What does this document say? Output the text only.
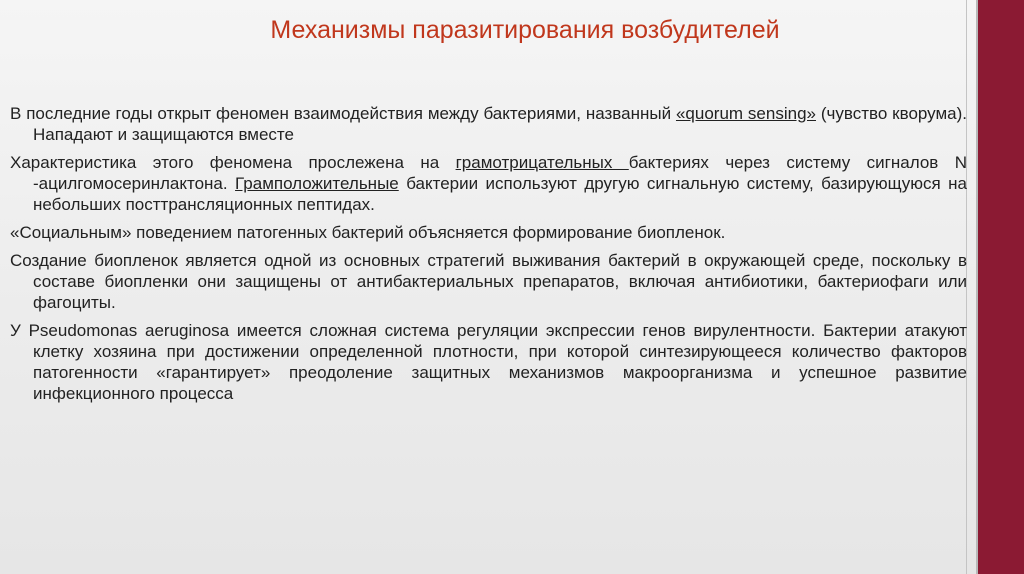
Механизмы паразитирования возбудителей

В последние годы открыт феномен взаимодействия между бактериями, названный «quorum sensing» (чувство кворума). Нападают и защищаются вместе

Характеристика этого феномена прослежена на грамотрицательных бактериях через систему сигналов N -ацилгомосеринлактона. Грамположительные бактерии используют другую сигнальную систему, базирующуюся на небольших посттрансляционных пептидах.

«Социальным» поведением патогенных бактерий объясняется формирование биопленок.

Создание биопленок является одной из основных стратегий выживания бактерий в окружающей среде, поскольку в составе биопленки они защищены от антибактериальных препаратов, включая антибиотики, бактериофаги или фагоциты.

У Pseudomonas aeruginosa имеется сложная система регуляции экспрессии генов вирулентности. Бактерии атакуют клетку хозяина при достижении определенной плотности, при которой синтезирующееся количество факторов патогенности «гарантирует» преодоление защитных механизмов макроорганизма и успешное развитие инфекционного процесса
